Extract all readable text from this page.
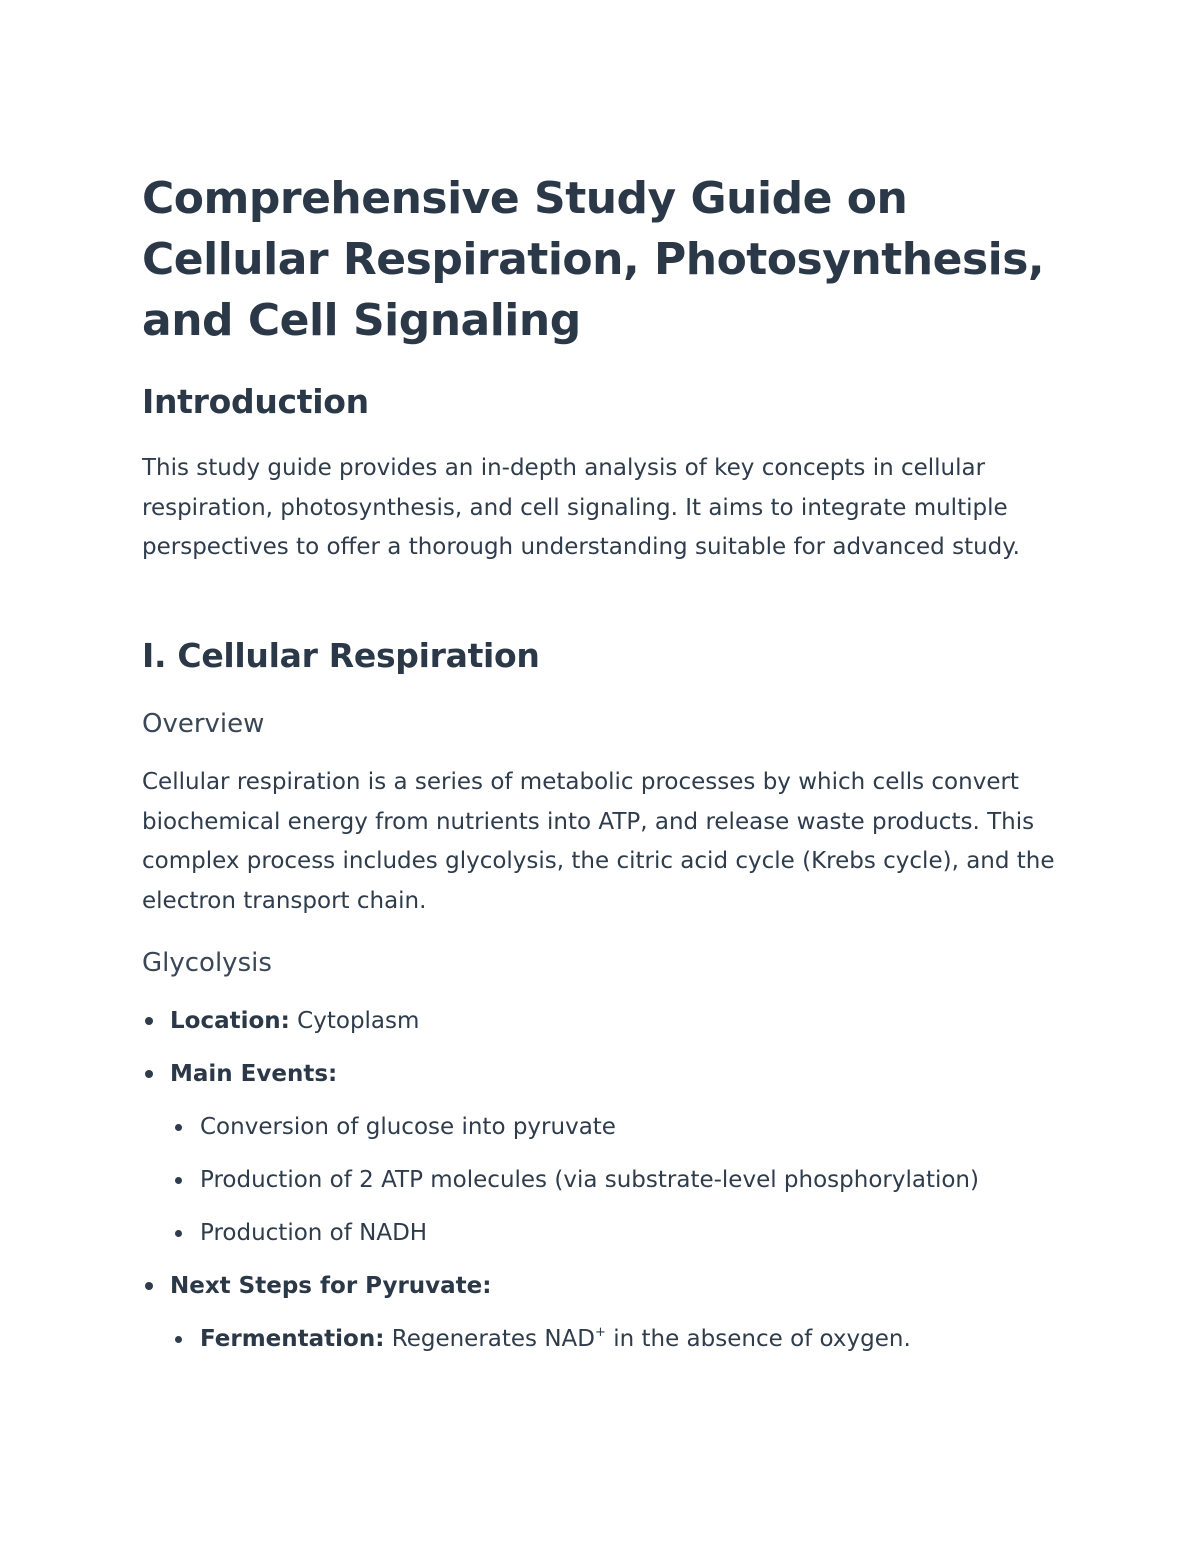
Comprehensive Study Guide on Cellular Respiration, Photosynthesis, and Cell Signaling
Introduction

This study guide provides an in-depth analysis of key concepts in cellular respiration, photosynthesis, and cell signaling. It aims to integrate multiple perspectives to offer a thorough understanding suitable for advanced study.

I. Cellular Respiration
Overview

Cellular respiration is a series of metabolic processes by which cells convert biochemical energy from nutrients into ATP, and release waste products. This complex process includes glycolysis, the citric acid cycle (Krebs cycle), and the electron transport chain.

Glycolysis
Location: Cytoplasm
Main Events:
Conversion of glucose into pyruvate
Production of 2 ATP molecules (via substrate-level phosphorylation)
Production of NADH
Next Steps for Pyruvate:
Fermentation: Regenerates NAD+ in the absence of oxygen.
